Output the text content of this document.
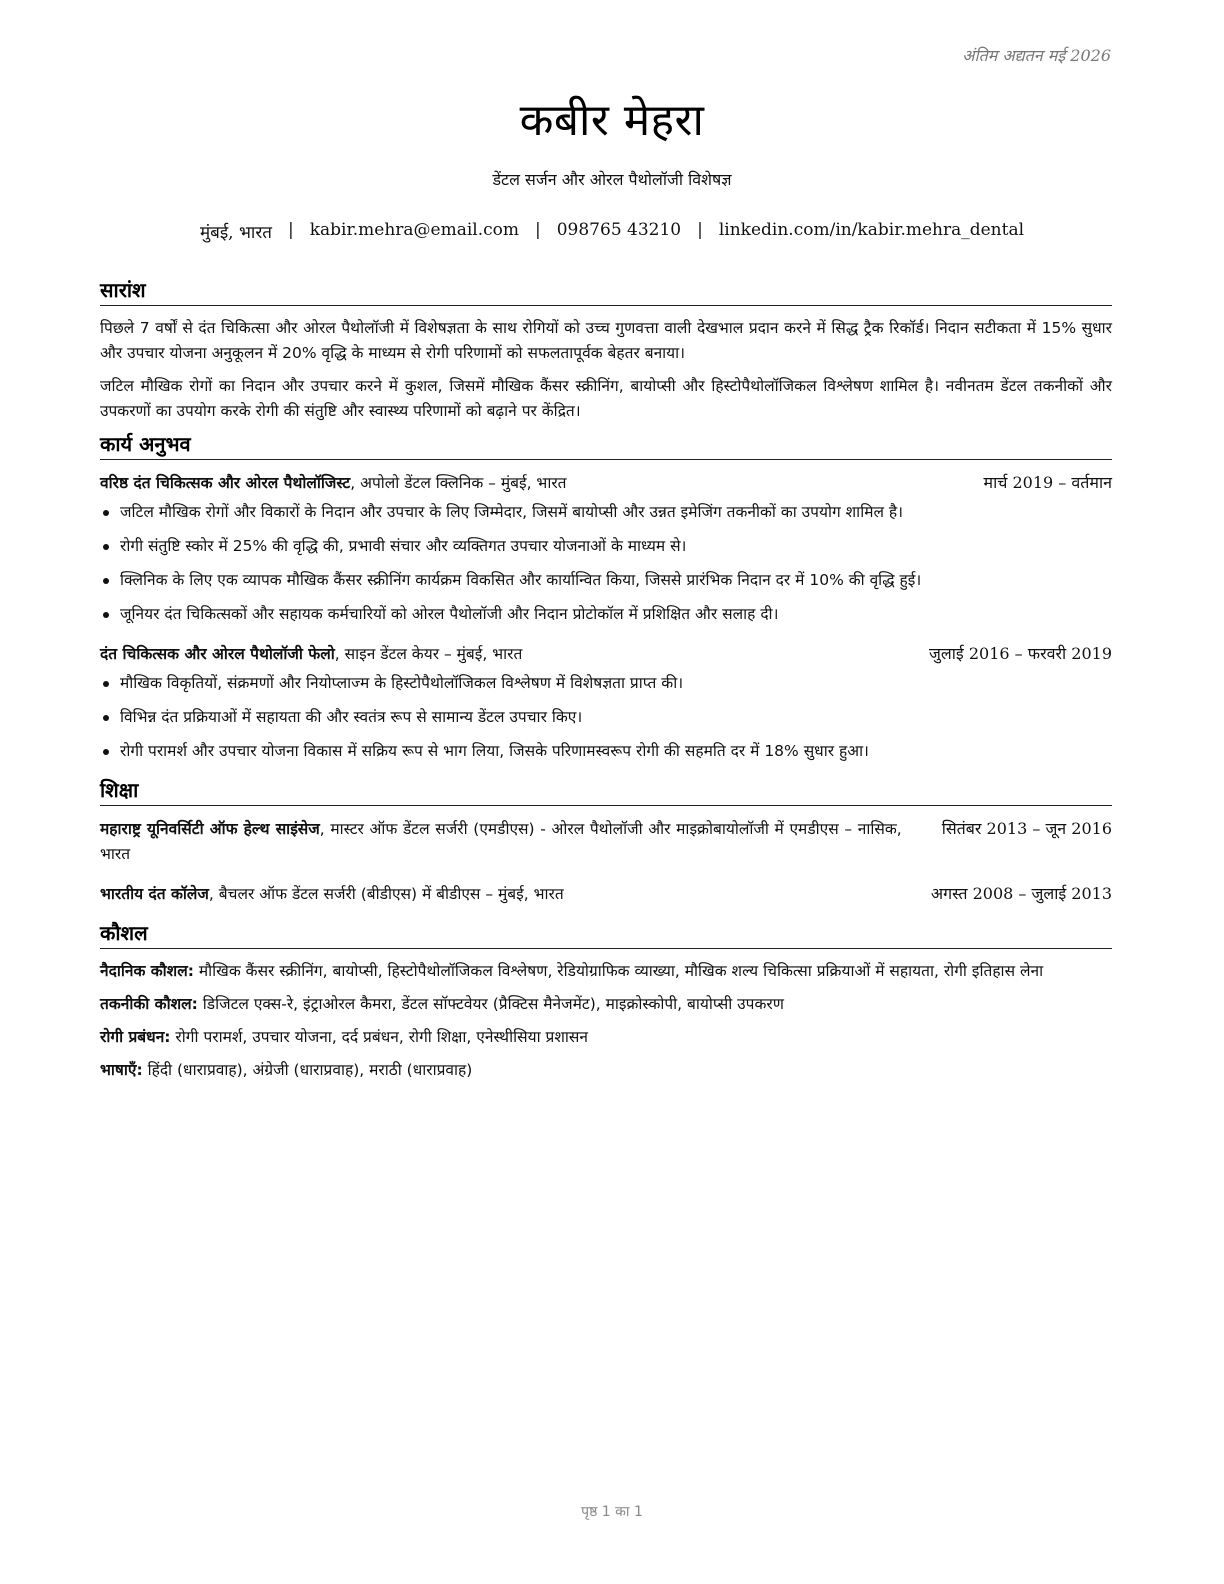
अंतिम अद्यतन मई 2026
कबीर मेहरा
डेंटल सर्जन और ओरल पैथोलॉजी विशेषज्ञ
मुंबई, भारत | kabir.mehra@email.com | 098765 43210 | linkedin.com/in/kabir.mehra_dental
सारांश

पिछले 7 वर्षों से दंत चिकित्सा और ओरल पैथोलॉजी में विशेषज्ञता के साथ रोगियों को उच्च गुणवत्ता वाली देखभाल प्रदान करने में सिद्ध ट्रैक रिकॉर्ड। निदान सटीकता में 15% सुधार और उपचार योजना अनुकूलन में 20% वृद्धि के माध्यम से रोगी परिणामों को सफलतापूर्वक बेहतर बनाया।

जटिल मौखिक रोगों का निदान और उपचार करने में कुशल, जिसमें मौखिक कैंसर स्क्रीनिंग, बायोप्सी और हिस्टोपैथोलॉजिकल विश्लेषण शामिल है। नवीनतम डेंटल तकनीकों और उपकरणों का उपयोग करके रोगी की संतुष्टि और स्वास्थ्य परिणामों को बढ़ाने पर केंद्रित।

कार्य अनुभव
वरिष्ठ दंत चिकित्सक और ओरल पैथोलॉजिस्ट, अपोलो डेंटल क्लिनिक – मुंबई, भारत	मार्च 2019 – वर्तमान
जटिल मौखिक रोगों और विकारों के निदान और उपचार के लिए जिम्मेदार, जिसमें बायोप्सी और उन्नत इमेजिंग तकनीकों का उपयोग शामिल है।
रोगी संतुष्टि स्कोर में 25% की वृद्धि की, प्रभावी संचार और व्यक्तिगत उपचार योजनाओं के माध्यम से।
क्लिनिक के लिए एक व्यापक मौखिक कैंसर स्क्रीनिंग कार्यक्रम विकसित और कार्यान्वित किया, जिससे प्रारंभिक निदान दर में 10% की वृद्धि हुई।
जूनियर दंत चिकित्सकों और सहायक कर्मचारियों को ओरल पैथोलॉजी और निदान प्रोटोकॉल में प्रशिक्षित और सलाह दी।
दंत चिकित्सक और ओरल पैथोलॉजी फेलो, साइन डेंटल केयर – मुंबई, भारत	जुलाई 2016 – फरवरी 2019
मौखिक विकृतियों, संक्रमणों और नियोप्लाज्म के हिस्टोपैथोलॉजिकल विश्लेषण में विशेषज्ञता प्राप्त की।
विभिन्न दंत प्रक्रियाओं में सहायता की और स्वतंत्र रूप से सामान्य डेंटल उपचार किए।
रोगी परामर्श और उपचार योजना विकास में सक्रिय रूप से भाग लिया, जिसके परिणामस्वरूप रोगी की सहमति दर में 18% सुधार हुआ।
शिक्षा
महाराष्ट्र यूनिवर्सिटी ऑफ हेल्थ साइंसेज, मास्टर ऑफ डेंटल सर्जरी (एमडीएस) - ओरल पैथोलॉजी और माइक्रोबायोलॉजी में एमडीएस – नासिक, भारत
सितंबर 2013 – जून 2016
भारतीय दंत कॉलेज, बैचलर ऑफ डेंटल सर्जरी (बीडीएस) में बीडीएस – मुंबई, भारत	अगस्त 2008 – जुलाई 2013
कौशल

नैदानिक कौशल: मौखिक कैंसर स्क्रीनिंग, बायोप्सी, हिस्टोपैथोलॉजिकल विश्लेषण, रेडियोग्राफिक व्याख्या, मौखिक शल्य चिकित्सा प्रक्रियाओं में सहायता, रोगी इतिहास लेना

तकनीकी कौशल: डिजिटल एक्स-रे, इंट्राओरल कैमरा, डेंटल सॉफ्टवेयर (प्रैक्टिस मैनेजमेंट), माइक्रोस्कोपी, बायोप्सी उपकरण

रोगी प्रबंधन: रोगी परामर्श, उपचार योजना, दर्द प्रबंधन, रोगी शिक्षा, एनेस्थीसिया प्रशासन

भाषाएँ: हिंदी (धाराप्रवाह), अंग्रेजी (धाराप्रवाह), मराठी (धाराप्रवाह)

पृष्ठ 1 का 1
